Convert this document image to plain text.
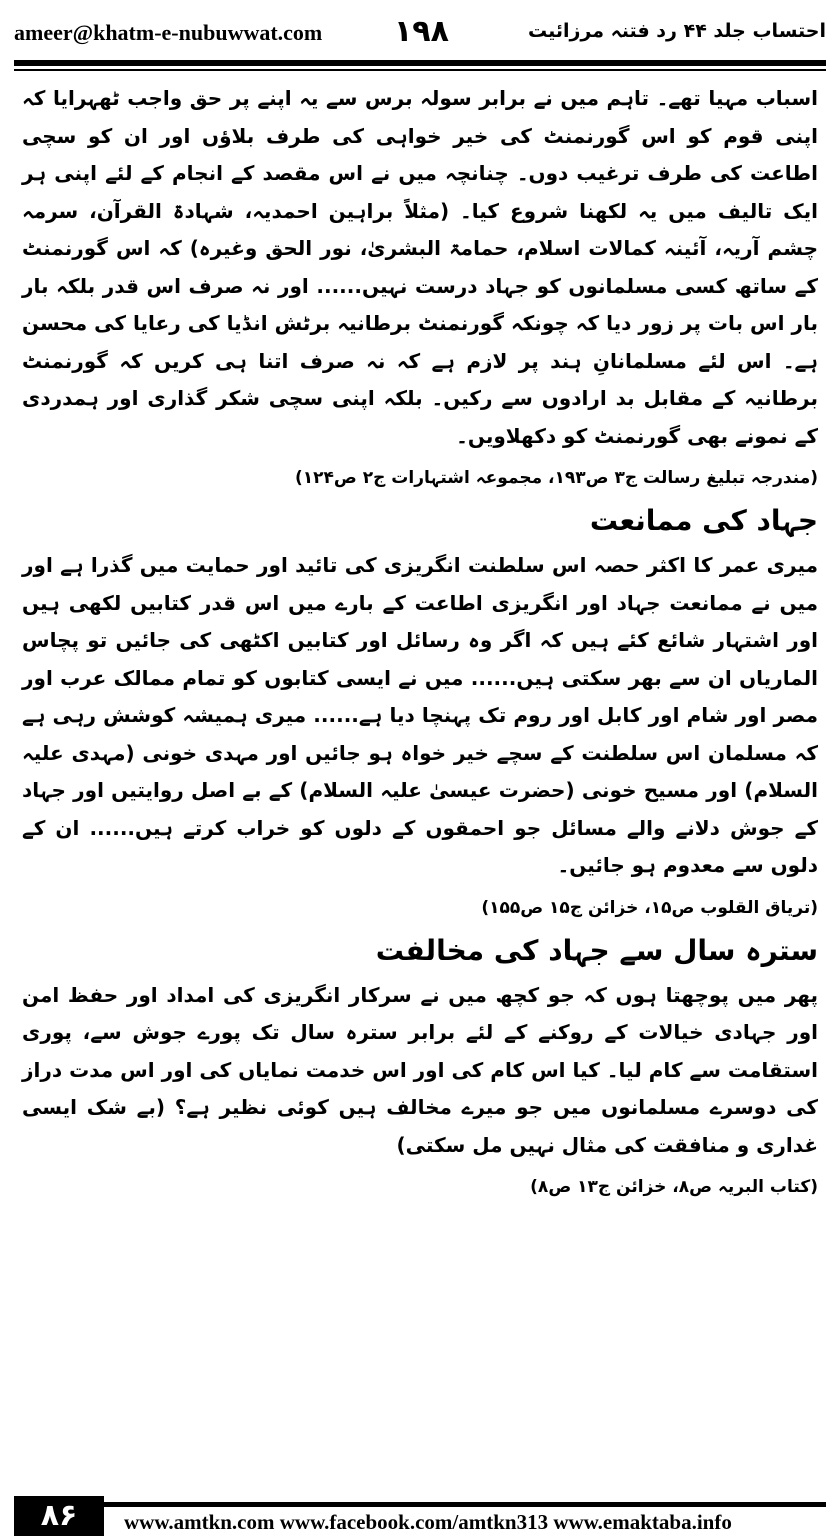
ameer@khatm-e-nubuwwat.com ۱۹۸	احتساب جلد ۴۴ رد فتنہ مرزائیت

اسباب مہیا تھے۔ تاہم میں نے برابر سولہ برس سے یہ اپنے پر حق واجب ٹھہرایا کہ اپنی قوم کو اس گورنمنٹ کی خیر خواہی کی طرف بلاؤں اور ان کو سچی اطاعت کی طرف ترغیب دوں۔ چنانچہ میں نے اس مقصد کے انجام کے لئے اپنی ہر ایک تالیف میں یہ لکھنا شروع کیا۔ (مثلاً براہین احمدیہ، شہادۃ القرآن، سرمہ چشم آریہ، آئینہ کمالات اسلام، حمامۃ البشریٰ، نور الحق وغیرہ) کہ اس گورنمنٹ کے ساتھ کسی مسلمانوں کو جہاد درست نہیں...... اور نہ صرف اس قدر بلکہ بار بار اس بات پر زور دیا کہ چونکہ گورنمنٹ برطانیہ برٹش انڈیا کی رعایا کی محسن ہے۔ اس لئے مسلمانانِ ہند پر لازم ہے کہ نہ صرف اتنا ہی کریں کہ گورنمنٹ برطانیہ کے مقابل بد ارادوں سے رکیں۔ بلکہ اپنی سچی شکر گذاری اور ہمدردی کے نمونے بھی گورنمنٹ کو دکھلاویں۔

(مندرجہ تبلیغ رسالت ج۳ ص۱۹۳، مجموعہ اشتہارات ج۲ ص۱۲۴)

جہاد کی ممانعت

میری عمر کا اکثر حصہ اس سلطنت انگریزی کی تائید اور حمایت میں گذرا ہے اور میں نے ممانعت جہاد اور انگریزی اطاعت کے بارے میں اس قدر کتابیں لکھی ہیں اور اشتہار شائع کئے ہیں کہ اگر وہ رسائل اور کتابیں اکٹھی کی جائیں تو پچاس الماریاں ان سے بھر سکتی ہیں...... میں نے ایسی کتابوں کو تمام ممالک عرب اور مصر اور شام اور کابل اور روم تک پہنچا دیا ہے...... میری ہمیشہ کوشش رہی ہے کہ مسلمان اس سلطنت کے سچے خیر خواہ ہو جائیں اور مہدی خونی (مہدی علیہ السلام) اور مسیح خونی (حضرت عیسیٰ علیہ السلام) کے بے اصل روایتیں اور جہاد کے جوش دلانے والے مسائل جو احمقوں کے دلوں کو خراب کرتے ہیں...... ان کے دلوں سے معدوم ہو جائیں۔

(تریاق القلوب ص۱۵، خزائن ج۱۵ ص۱۵۵)

سترہ سال سے جہاد کی مخالفت

پھر میں پوچھتا ہوں کہ جو کچھ میں نے سرکار انگریزی کی امداد اور حفظ امن اور جہادی خیالات کے روکنے کے لئے برابر سترہ سال تک پورے جوش سے، پوری استقامت سے کام لیا۔ کیا اس کام کی اور اس خدمت نمایاں کی اور اس مدت دراز کی دوسرے مسلمانوں میں جو میرے مخالف ہیں کوئی نظیر ہے؟ (بے شک ایسی غداری و منافقت کی مثال نہیں مل سکتی)

(کتاب البریہ ص۸، خزائن ج۱۳ ص۸)

۸۶	www.amtkn.com www.facebook.com/amtkn313 www.emaktaba.info
